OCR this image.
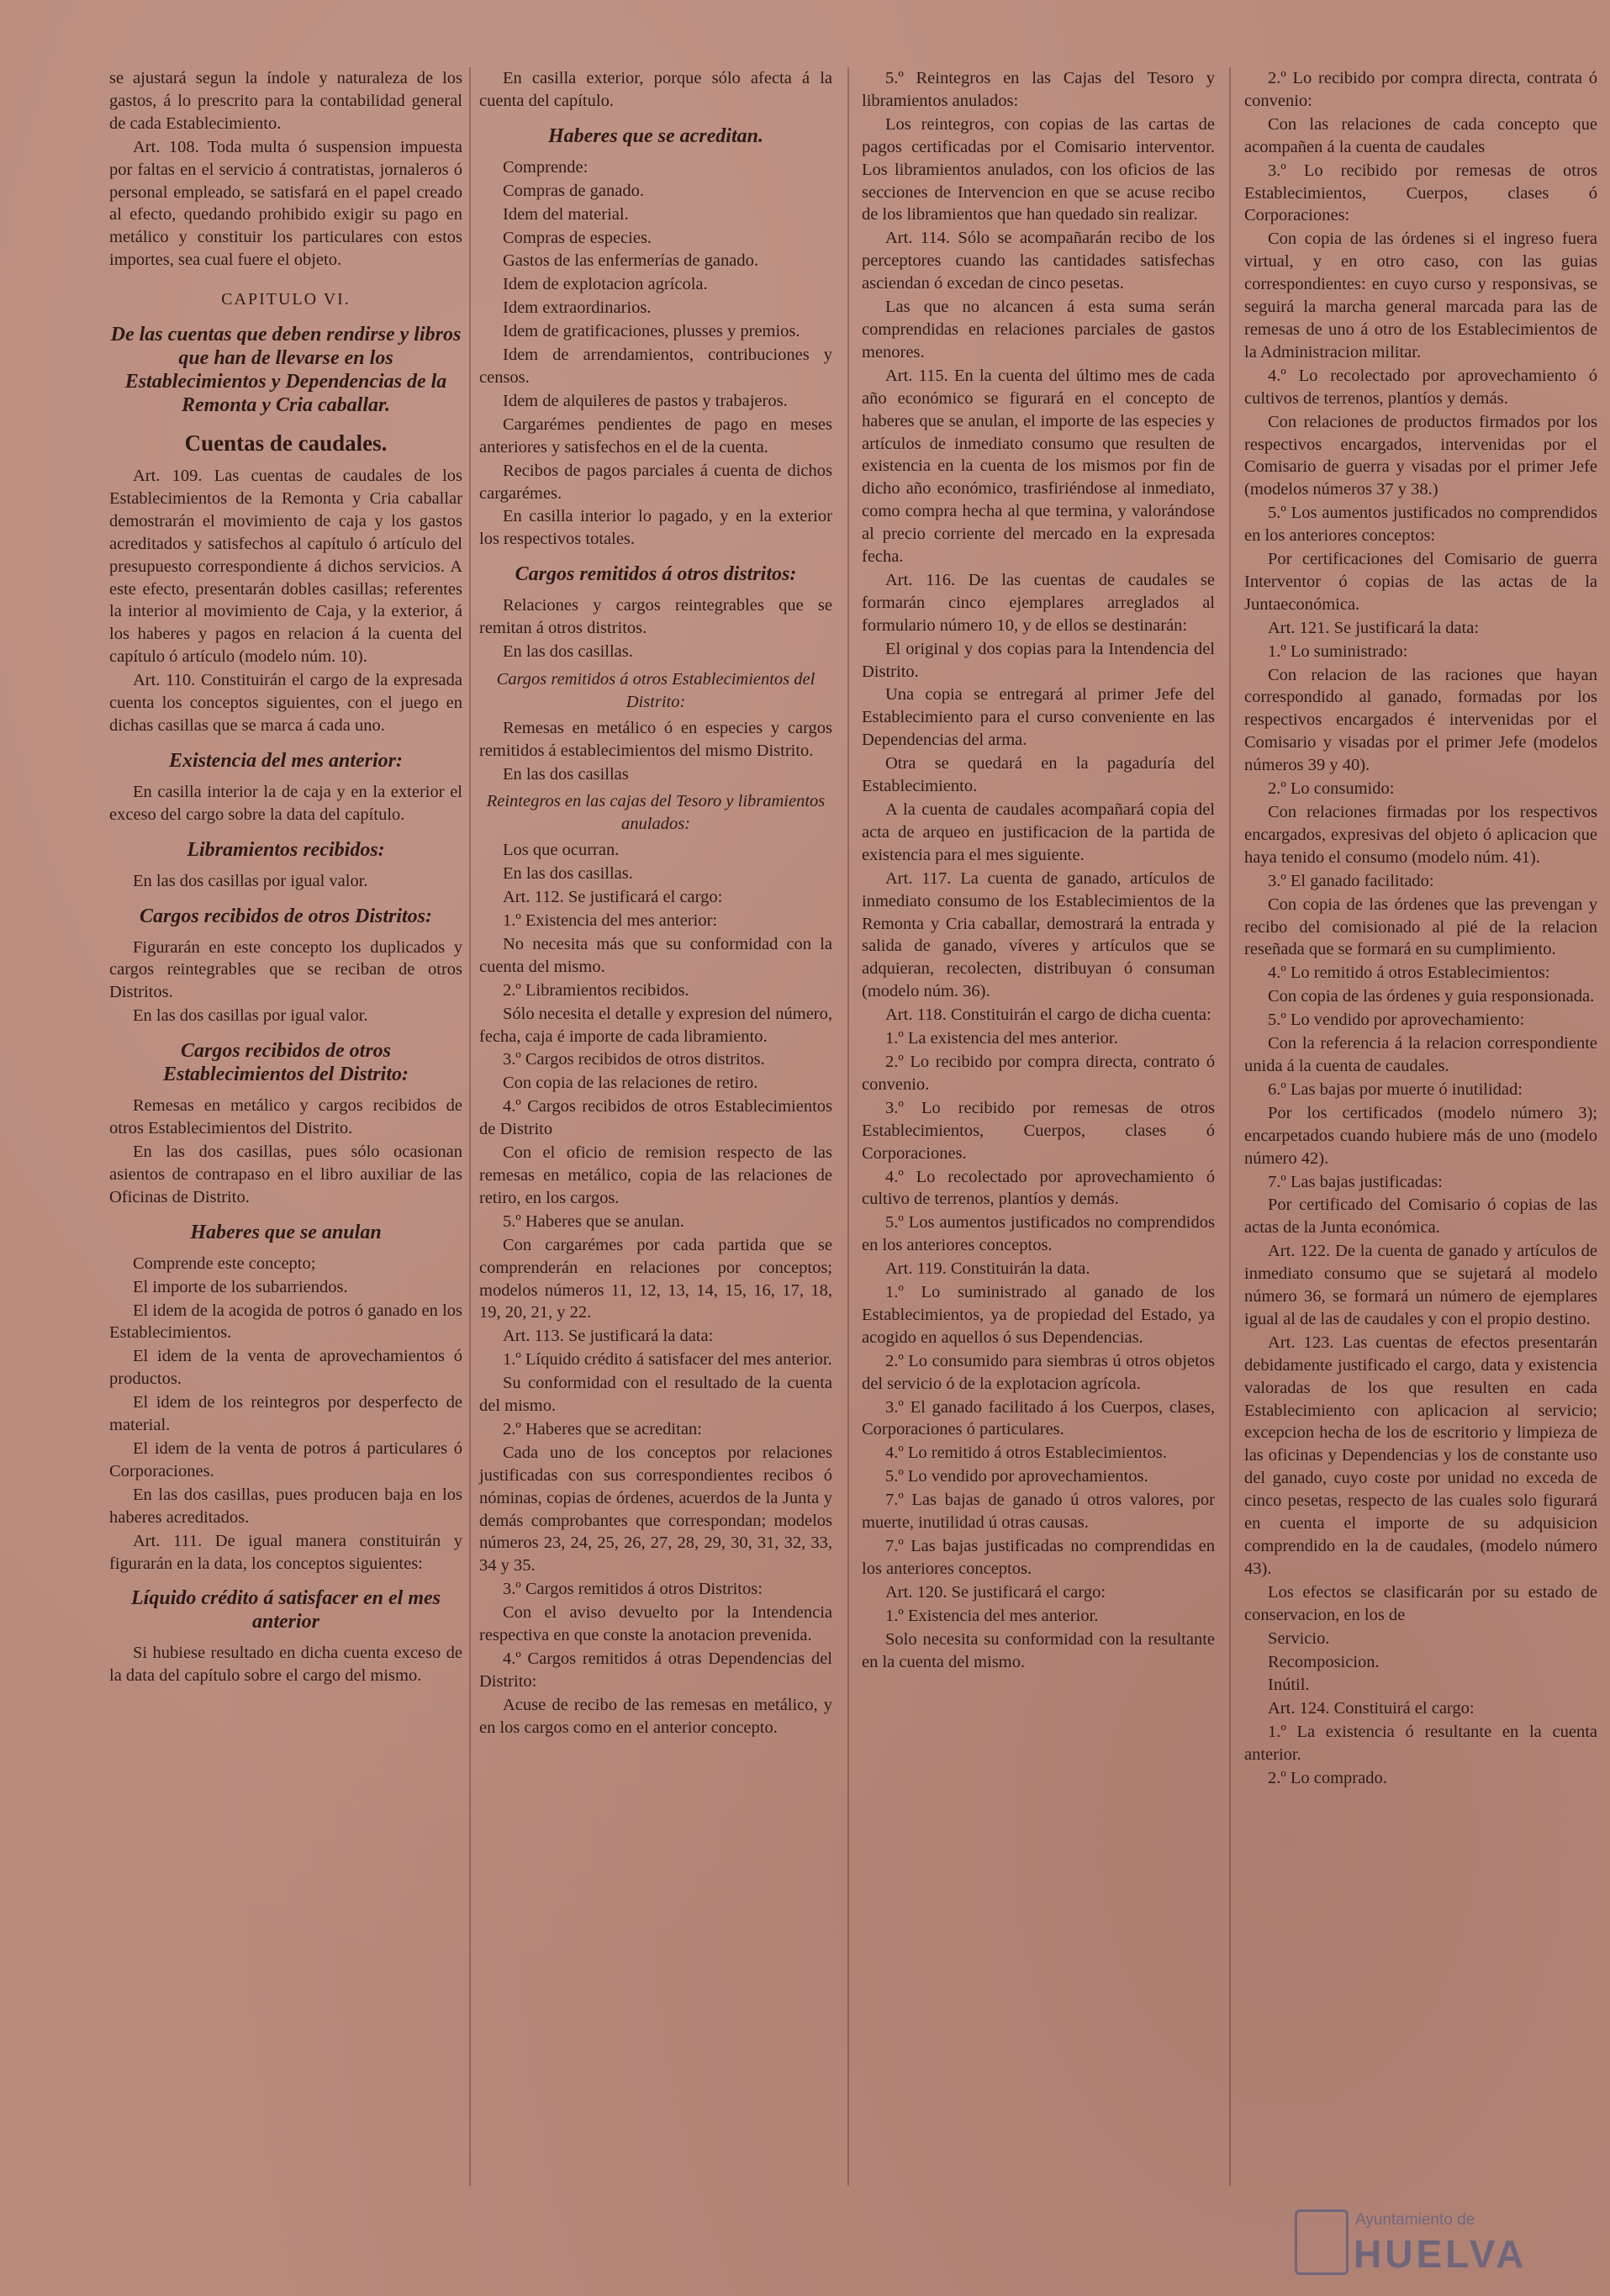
se ajustará segun la índole y naturaleza de los gastos, á lo prescrito para la contabilidad general de cada Establecimiento.
Art. 108. Toda multa ó suspension impuesta por faltas en el servicio á contratistas, jornaleros ó personal empleado, se satisfará en el papel creado al efecto, quedando prohibido exigir su pago en metálico y constituir los particulares con estos importes, sea cual fuere el objeto.
CAPITULO VI.
De las cuentas que deben rendirse y libros que han de llevarse en los Establecimientos y Dependencias de la Remonta y Cria caballar.
Cuentas de caudales.
Art. 109. Las cuentas de caudales de los Establecimientos de la Remonta y Cria caballar demostrarán el movimiento de caja y los gastos acreditados y satisfechos al capítulo ó artículo del presupuesto correspondiente á dichos servicios. A este efecto, presentarán dobles casillas; referentes la interior al movimiento de Caja, y la exterior, á los haberes y pagos en relacion á la cuenta del capítulo ó artículo (modelo núm. 10).
Art. 110. Constituirán el cargo de la expresada cuenta los conceptos siguientes, con el juego en dichas casillas que se marca á cada uno.
Existencia del mes anterior:
En casilla interior la de caja y en la exterior el exceso del cargo sobre la data del capítulo.
Libramientos recibidos:
En las dos casillas por igual valor.
Cargos recibidos de otros Distritos:
Figurarán en este concepto los duplicados y cargos reintegrables que se reciban de otros Distritos.
En las dos casillas por igual valor.
Cargos recibidos de otros Establecimientos del Distrito:
Remesas en metálico y cargos recibidos de otros Establecimientos del Distrito.
En las dos casillas, pues sólo ocasionan asientos de contrapaso en el libro auxiliar de las Oficinas de Distrito.
Haberes que se anulan
Comprende este concepto;
El importe de los subarriendos.
El idem de la acogida de potros ó ganado en los Establecimientos.
El idem de la venta de aprovechamientos ó productos.
El idem de los reintegros por desperfecto de material.
El idem de la venta de potros á particulares ó Corporaciones.
En las dos casillas, pues producen baja en los haberes acreditados.
Art. 111. De igual manera constituirán y figurarán en la data, los conceptos siguientes:
Líquido crédito á satisfacer en el mes anterior
Si hubiese resultado en dicha cuenta exceso de la data del capítulo sobre el cargo del mismo.
En casilla exterior, porque sólo afecta á la cuenta del capítulo.
Haberes que se acreditan.
Comprende:
Compras de ganado.
Idem del material.
Compras de especies.
Gastos de las enfermerías de ganado.
Idem de explotacion agrícola.
Idem extraordinarios.
Idem de gratificaciones, plusses y premios.
Idem de arrendamientos, contribuciones y censos.
Idem de alquileres de pastos y trabajeros.
Cargarémes pendientes de pago en meses anteriores y satisfechos en el de la cuenta.
Recibos de pagos parciales á cuenta de dichos cargarémes.
En casilla interior lo pagado, y en la exterior los respectivos totales.
Cargos remitidos á otros distritos:
Relaciones y cargos reintegrables que se remitan á otros distritos.
En las dos casillas.
Cargos remitidos á otros Establecimientos del Distrito:
Remesas en metálico ó en especies y cargos remitidos á establecimientos del mismo Distrito.
En las dos casillas
Reintegros en las cajas del Tesoro y libramientos anulados:
Los que ocurran.
En las dos casillas.
Art. 112. Se justificará el cargo:
1.º Existencia del mes anterior:
No necesita más que su conformidad con la cuenta del mismo.
2.º Libramientos recibidos.
Sólo necesita el detalle y expresion del número, fecha, caja é importe de cada libramiento.
3.º Cargos recibidos de otros distritos.
Con copia de las relaciones de retiro.
4.º Cargos recibidos de otros Establecimientos de Distrito
Con el oficio de remision respecto de las remesas en metálico, copia de las relaciones de retiro, en los cargos.
5.º Haberes que se anulan.
Con cargarémes por cada partida que se comprenderán en relaciones por conceptos; modelos números 11, 12, 13, 14, 15, 16, 17, 18, 19, 20, 21, y 22.
Art. 113. Se justificará la data:
1.º Líquido crédito á satisfacer del mes anterior.
Su conformidad con el resultado de la cuenta del mismo.
2.º Haberes que se acreditan:
Cada uno de los conceptos por relaciones justificadas con sus correspondientes recibos ó nóminas, copias de órdenes, acuerdos de la Junta y demás comprobantes que correspondan; modelos números 23, 24, 25, 26, 27, 28, 29, 30, 31, 32, 33, 34 y 35.
3.º Cargos remitidos á otros Distritos:
Con el aviso devuelto por la Intendencia respectiva en que conste la anotacion prevenida.
4.º Cargos remitidos á otras Dependencias del Distrito:
Acuse de recibo de las remesas en metálico, y en los cargos como en el anterior concepto.
5.º Reintegros en las Cajas del Tesoro y libramientos anulados:
Los reintegros, con copias de las cartas de pagos certificadas por el Comisario interventor. Los libramientos anulados, con los oficios de las secciones de Intervencion en que se acuse recibo de los libramientos que han quedado sin realizar.
Art. 114. Sólo se acompañarán recibo de los perceptores cuando las cantidades satisfechas asciendan ó excedan de cinco pesetas.
Las que no alcancen á esta suma serán comprendidas en relaciones parciales de gastos menores.
Art. 115. En la cuenta del último mes de cada año económico se figurará en el concepto de haberes que se anulan, el importe de las especies y artículos de inmediato consumo que resulten de existencia en la cuenta de los mismos por fin de dicho año económico, trasfiriéndose al inmediato, como compra hecha al que termina, y valorándose al precio corriente del mercado en la expresada fecha.
Art. 116. De las cuentas de caudales se formarán cinco ejemplares arreglados al formulario número 10, y de ellos se destinarán:
El original y dos copias para la Intendencia del Distrito.
Una copia se entregará al primer Jefe del Establecimiento para el curso conveniente en las Dependencias del arma.
Otra se quedará en la pagaduría del Establecimiento.
A la cuenta de caudales acompañará copia del acta de arqueo en justificacion de la partida de existencia para el mes siguiente.
Art. 117. La cuenta de ganado, artículos de inmediato consumo de los Establecimientos de la Remonta y Cria caballar, demostrará la entrada y salida de ganado, víveres y artículos que se adquieran, recolecten, distribuyan ó consuman (modelo núm. 36).
Art. 118. Constituirán el cargo de dicha cuenta:
1.º La existencia del mes anterior.
2.º Lo recibido por compra directa, contrato ó convenio.
3.º Lo recibido por remesas de otros Establecimientos, Cuerpos, clases ó Corporaciones.
4.º Lo recolectado por aprovechamiento ó cultivo de terrenos, plantíos y demás.
5.º Los aumentos justificados no comprendidos en los anteriores conceptos.
Art. 119. Constituirán la data.
1.º Lo suministrado al ganado de los Establecimientos, ya de propiedad del Estado, ya acogido en aquellos ó sus Dependencias.
2.º Lo consumido para siembras ú otros objetos del servicio ó de la explotacion agrícola.
3.º El ganado facilitado á los Cuerpos, clases, Corporaciones ó particulares.
4.º Lo remitido á otros Establecimientos.
5.º Lo vendido por aprovechamientos.
7.º Las bajas de ganado ú otros valores, por muerte, inutilidad ú otras causas.
7.º Las bajas justificadas no comprendidas en los anteriores conceptos.
Art. 120. Se justificará el cargo:
1.º Existencia del mes anterior.
Solo necesita su conformidad con la resultante en la cuenta del mismo.
2.º Lo recibido por compra directa, contrata ó convenio:
Con las relaciones de cada concepto que acompañen á la cuenta de caudales
3.º Lo recibido por remesas de otros Establecimientos, Cuerpos, clases ó Corporaciones:
Con copia de las órdenes si el ingreso fuera virtual, y en otro caso, con las guias correspondientes: en cuyo curso y responsivas, se seguirá la marcha general marcada para las de remesas de uno á otro de los Establecimientos de la Administracion militar.
4.º Lo recolectado por aprovechamiento ó cultivos de terrenos, plantíos y demás.
Con relaciones de productos firmados por los respectivos encargados, intervenidas por el Comisario de guerra y visadas por el primer Jefe (modelos números 37 y 38.)
5.º Los aumentos justificados no comprendidos en los anteriores conceptos:
Por certificaciones del Comisario de guerra Interventor ó copias de las actas de la Juntaeconómica.
Art. 121. Se justificará la data:
1.º Lo suministrado:
Con relacion de las raciones que hayan correspondido al ganado, formadas por los respectivos encargados é intervenidas por el Comisario y visadas por el primer Jefe (modelos números 39 y 40).
2.º Lo consumido:
Con relaciones firmadas por los respectivos encargados, expresivas del objeto ó aplicacion que haya tenido el consumo (modelo núm. 41).
3.º El ganado facilitado:
Con copia de las órdenes que las prevengan y recibo del comisionado al pié de la relacion reseñada que se formará en su cumplimiento.
4.º Lo remitido á otros Establecimientos:
Con copia de las órdenes y guia responsionada.
5.º Lo vendido por aprovechamiento:
Con la referencia á la relacion correspondiente unida á la cuenta de caudales.
6.º Las bajas por muerte ó inutilidad:
Por los certificados (modelo número 3); encarpetados cuando hubiere más de uno (modelo número 42).
7.º Las bajas justificadas:
Por certificado del Comisario ó copias de las actas de la Junta económica.
Art. 122. De la cuenta de ganado y artículos de inmediato consumo que se sujetará al modelo número 36, se formará un número de ejemplares igual al de las de caudales y con el propio destino.
Art. 123. Las cuentas de efectos presentarán debidamente justificado el cargo, data y existencia valoradas de los que resulten en cada Establecimiento con aplicacion al servicio; excepcion hecha de los de escritorio y limpieza de las oficinas y Dependencias y los de constante uso del ganado, cuyo coste por unidad no exceda de cinco pesetas, respecto de las cuales solo figurará en cuenta el importe de su adquisicion comprendido en la de caudales, (modelo número 43).
Los efectos se clasificarán por su estado de conservacion, en los de
Servicio.
Recomposicion.
Inútil.
Art. 124. Constituirá el cargo:
1.º La existencia ó resultante en la cuenta anterior.
2.º Lo comprado.
Ayuntamiento de
HUELVA
